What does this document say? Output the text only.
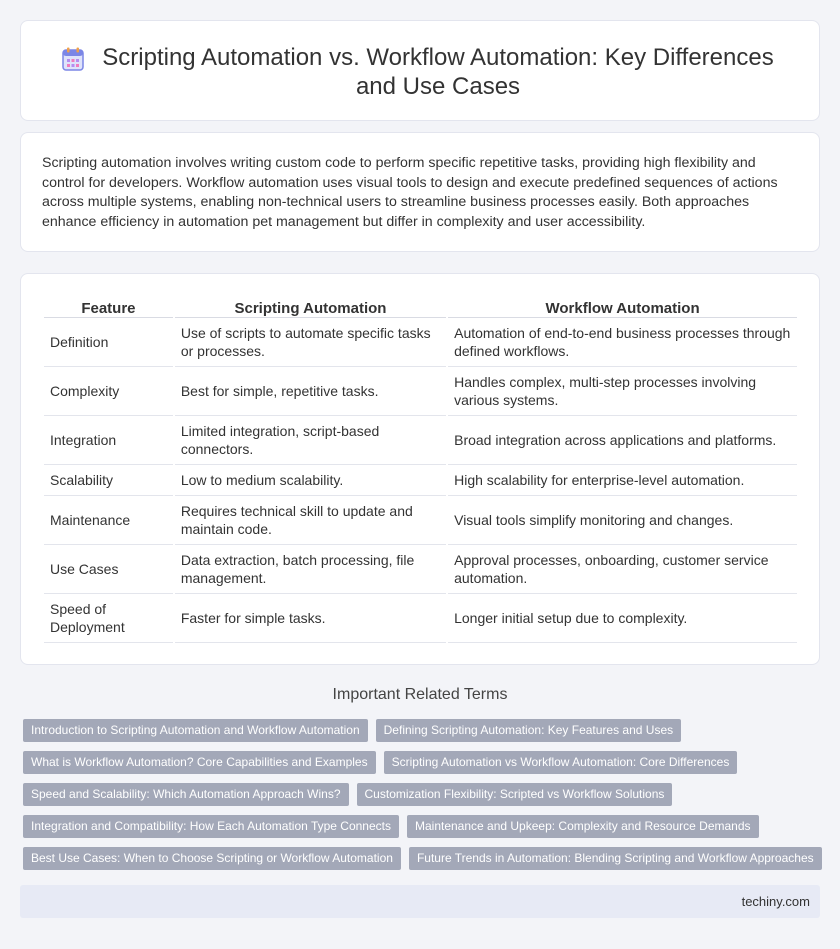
Scripting Automation vs. Workflow Automation: Key Differences and Use Cases

Scripting automation involves writing custom code to perform specific repetitive tasks, providing high flexibility and control for developers. Workflow automation uses visual tools to design and execute predefined sequences of actions across multiple systems, enabling non-technical users to streamline business processes easily. Both approaches enhance efficiency in automation pet management but differ in complexity and user accessibility.

Feature	Scripting Automation	Workflow Automation
Definition	Use of scripts to automate specific tasks or processes.	Automation of end-to-end business processes through defined workflows.
Complexity	Best for simple, repetitive tasks.	Handles complex, multi-step processes involving various systems.
Integration	Limited integration, script-based connectors.	Broad integration across applications and platforms.
Scalability	Low to medium scalability.	High scalability for enterprise-level automation.
Maintenance	Requires technical skill to update and maintain code.	Visual tools simplify monitoring and changes.
Use Cases	Data extraction, batch processing, file management.	Approval processes, onboarding, customer service automation.
Speed of Deployment	Faster for simple tasks.	Longer initial setup due to complexity.
Important Related Terms
Introduction to Scripting Automation and Workflow Automation	Defining Scripting Automation: Key Features and Uses
What is Workflow Automation? Core Capabilities and Examples	Scripting Automation vs Workflow Automation: Core Differences
Speed and Scalability: Which Automation Approach Wins?	Customization Flexibility: Scripted vs Workflow Solutions
Integration and Compatibility: How Each Automation Type Connects	Maintenance and Upkeep: Complexity and Resource Demands
Best Use Cases: When to Choose Scripting or Workflow Automation	Future Trends in Automation: Blending Scripting and Workflow Approaches
techiny.com
